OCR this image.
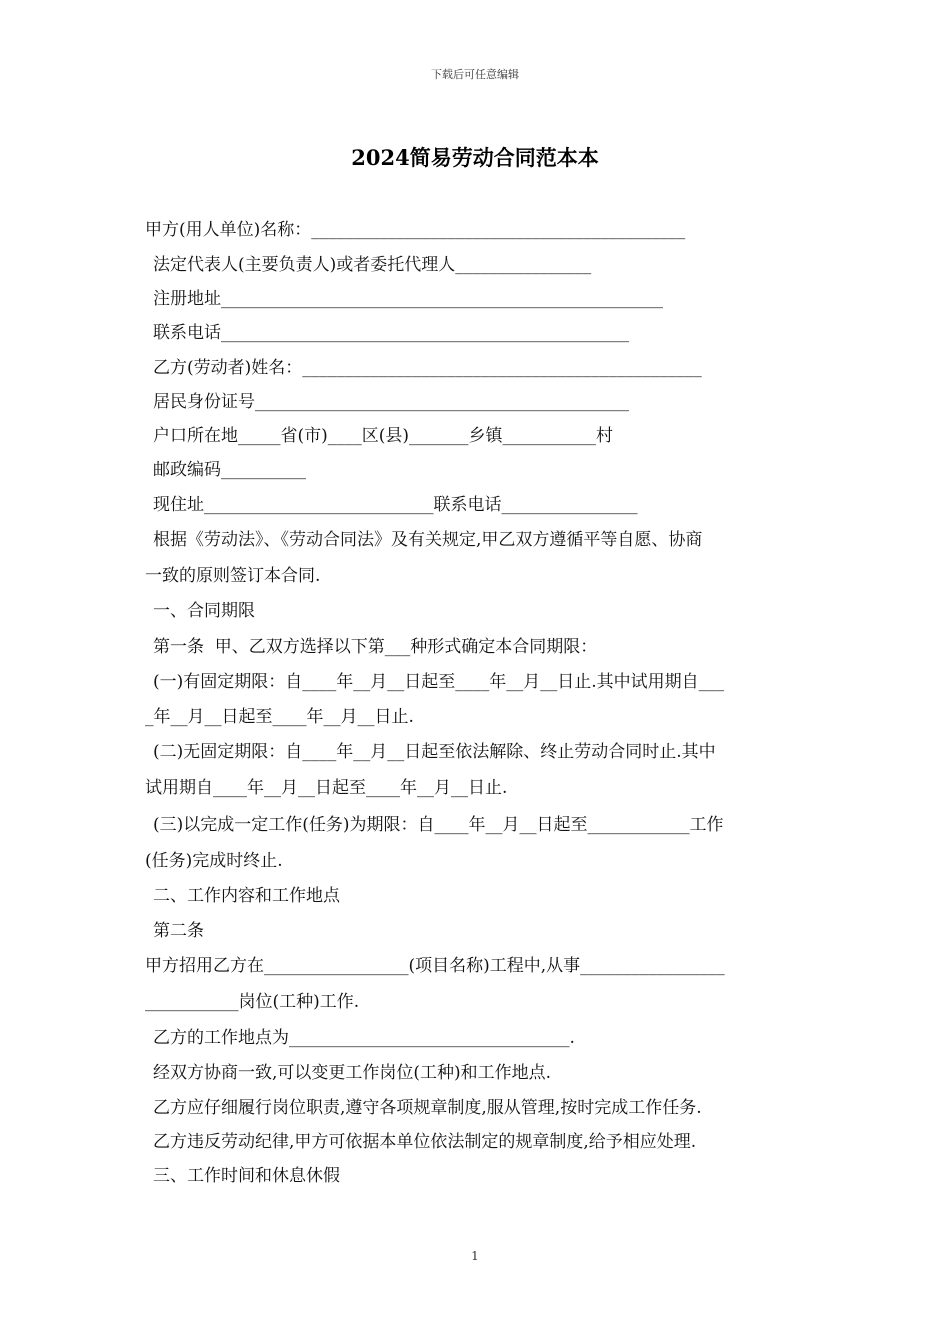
下载后可任意编辑
2024简易劳动合同范本本
甲方(用人单位)名称：____________________________________________
法定代表人(主要负责人)或者委托代理人________________
注册地址____________________________________________________
联系电话________________________________________________
乙方(劳动者)姓名：_______________________________________________
居民身份证号____________________________________________
户口所在地_____省(市)____区(县)_______乡镇___________村
邮政编码__________
现住址___________________________联系电话________________
根据《劳动法》、《劳动合同法》及有关规定,甲乙双方遵循平等自愿、协商
一致的原则签订本合同.
一、合同期限
第一条  甲、乙双方选择以下第___种形式确定本合同期限：
(一)有固定期限：自____年__月__日起至____年__月__日止.其中试用期自___
_年__月__日起至____年__月__日止.
(二)无固定期限：自____年__月__日起至依法解除、终止劳动合同时止.其中
试用期自____年__月__日起至____年__月__日止.
(三)以完成一定工作(任务)为期限：自____年__月__日起至____________工作
(任务)完成时终止.
二、工作内容和工作地点
第二条
甲方招用乙方在_________________(项目名称)工程中,从事_________________
___________岗位(工种)工作.
乙方的工作地点为_________________________________.
经双方协商一致,可以变更工作岗位(工种)和工作地点.
乙方应仔细履行岗位职责,遵守各项规章制度,服从管理,按时完成工作任务.
乙方违反劳动纪律,甲方可依据本单位依法制定的规章制度,给予相应处理.
三、工作时间和休息休假
1
